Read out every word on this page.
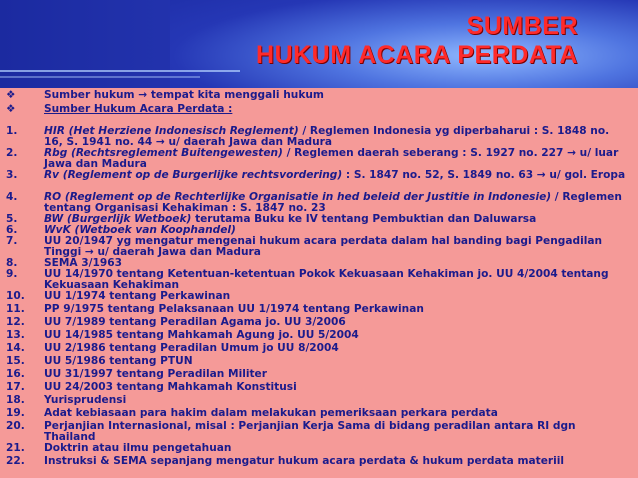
SUMBER
HUKUM ACARA PERDATA
❖	Sumber hukum → tempat kita menggali hukum
❖	Sumber Hukum Acara Perdata :
1.	HIR (Het Herziene Indonesisch Reglement) / Reglemen Indonesia yg diperbaharui : S. 1848 no. 16, S. 1941 no. 44 → u/ daerah Jawa dan Madura
2.	Rbg (Rechtsreglement Buitengewesten) / Reglemen daerah seberang : S. 1927 no. 227 → u/ luar Jawa dan Madura
3.	Rv (Reglement op de Burgerlijke rechtsvordering) : S. 1847 no. 52, S. 1849 no. 63 → u/ gol. Eropa
4.	RO (Reglement op de Rechterlijke Organisatie in hed beleid der Justitie in Indonesie) / Reglemen tentang Organisasi Kehakiman : S. 1847 no. 23
5.	BW (Burgerlijk Wetboek) terutama Buku ke IV tentang Pembuktian dan Daluwarsa
6.	WvK (Wetboek van Koophandel)
7.	UU 20/1947 yg mengatur mengenai hukum acara perdata dalam hal banding bagi Pengadilan Tinggi → u/ daerah Jawa dan Madura
8.	SEMA 3/1963
9.	UU 14/1970 tentang Ketentuan-ketentuan Pokok Kekuasaan Kehakiman jo. UU 4/2004 tentang Kekuasaan Kehakiman
10.	UU 1/1974 tentang Perkawinan
11.	PP 9/1975 tentang Pelaksanaan UU 1/1974 tentang Perkawinan
12.	UU 7/1989 tentang Peradilan Agama jo. UU 3/2006
13.	UU 14/1985 tentang Mahkamah Agung jo. UU 5/2004
14.	UU 2/1986 tentang Peradilan Umum jo UU 8/2004
15.	UU 5/1986 tentang PTUN
16.	UU 31/1997 tentang Peradilan Militer
17.	UU 24/2003 tentang Mahkamah Konstitusi
18.	Yurisprudensi
19.	Adat kebiasaan para hakim dalam melakukan pemeriksaan perkara perdata
20.	Perjanjian Internasional, misal : Perjanjian Kerja Sama di bidang peradilan antara RI dgn Thailand
21.	Doktrin atau ilmu pengetahuan
22.	Instruksi & SEMA sepanjang mengatur hukum acara perdata & hukum perdata materiil
